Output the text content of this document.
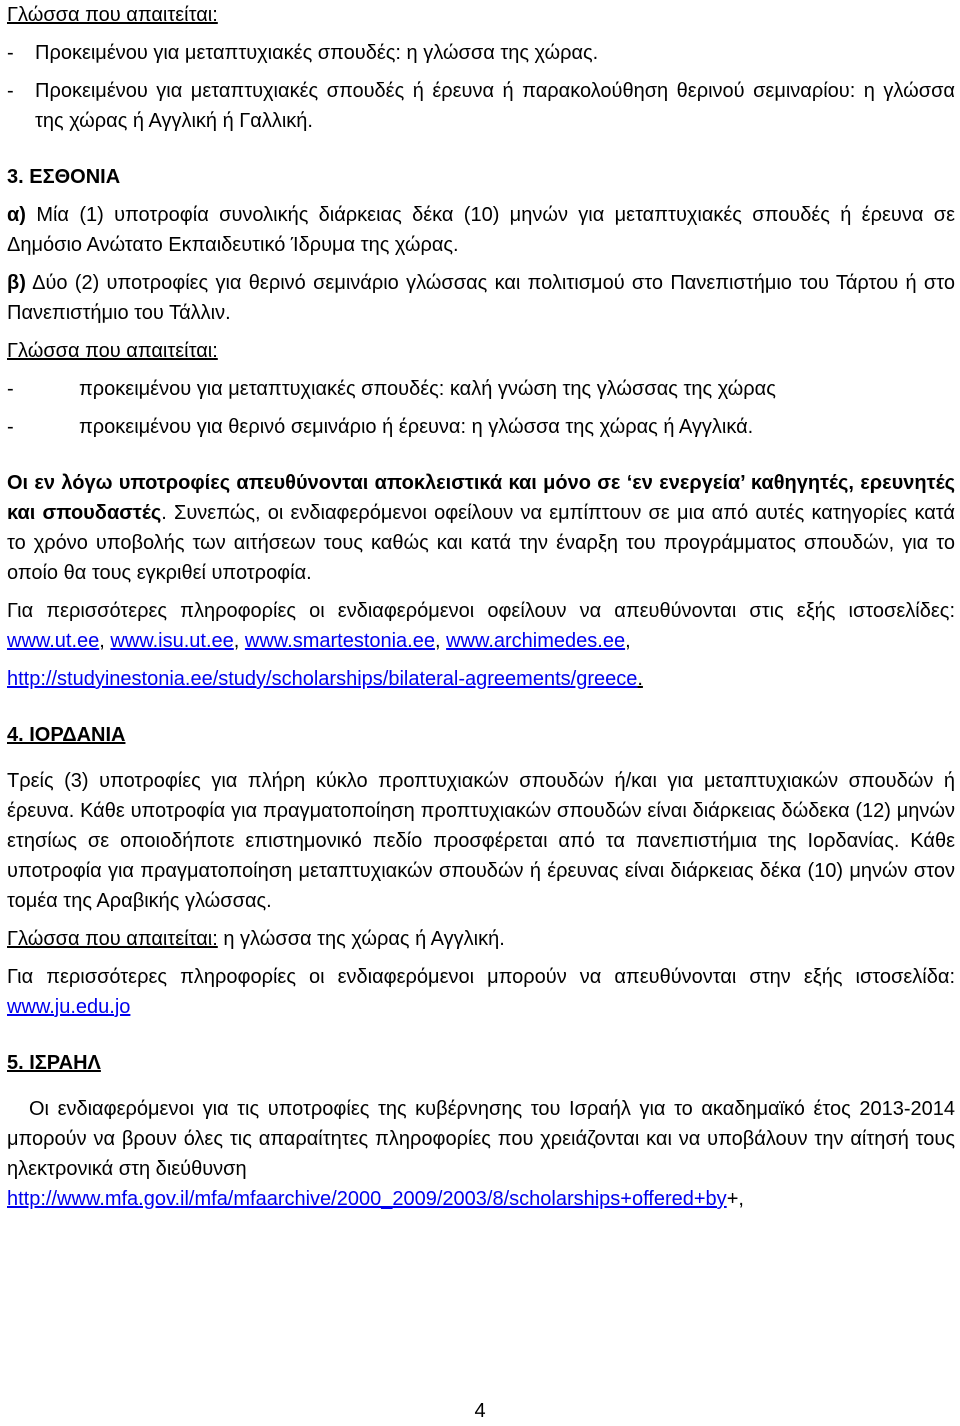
Γλώσσα που απαιτείται:

-	Προκειμένου για μεταπτυχιακές σπουδές: η γλώσσα της χώρας.
-	Προκειμένου για μεταπτυχιακές σπουδές ή έρευνα ή παρακολούθηση θερινού σεμιναρίου: η γλώσσα της χώρας ή Αγγλική ή Γαλλική.

3. ΕΣΘΟΝΙΑ

α) Μία (1) υποτροφία συνολικής διάρκειας δέκα (10) μηνών για μεταπτυχιακές σπουδές ή έρευνα σε Δημόσιο Ανώτατο Εκπαιδευτικό Ίδρυμα της χώρας.

β) Δύο (2) υποτροφίες για θερινό σεμινάριο γλώσσας και πολιτισμού στο Πανεπιστήμιο του Τάρτου ή στο Πανεπιστήμιο του Τάλλιν.

Γλώσσα που απαιτείται:

-	προκειμένου για μεταπτυχιακές σπουδές: καλή γνώση της γλώσσας της χώρας
-	προκειμένου για θερινό σεμινάριο ή έρευνα: η γλώσσα της χώρας ή Αγγλικά.

Οι εν λόγω υποτροφίες απευθύνονται αποκλειστικά και μόνο σε ‘εν ενεργεία’ καθηγητές, ερευνητές και σπουδαστές. Συνεπώς, οι ενδιαφερόμενοι οφείλουν να εμπίπτουν σε μια από αυτές κατηγορίες κατά το χρόνο υποβολής των αιτήσεων τους καθώς και κατά την έναρξη του προγράμματος σπουδών, για το οποίο θα τους εγκριθεί υποτροφία.

Για περισσότερες πληροφορίες οι ενδιαφερόμενοι οφείλουν να απευθύνονται στις εξής ιστοσελίδες: www.ut.ee, www.isu.ut.ee, www.smartestonia.ee, www.archimedes.ee,

http://studyinestonia.ee/study/scholarships/bilateral-agreements/greece.

4. ΙΟΡΔΑΝΙΑ

Τρείς (3) υποτροφίες για πλήρη κύκλο προπτυχιακών σπουδών ή/και για μεταπτυχιακών σπουδών ή έρευνα. Κάθε υποτροφία για πραγματοποίηση προπτυχιακών σπουδών είναι διάρκειας δώδεκα (12) μηνών ετησίως σε οποιοδήποτε επιστημονικό πεδίο προσφέρεται από τα πανεπιστήμια της Ιορδανίας. Κάθε υποτροφία για πραγματοποίηση μεταπτυχιακών σπουδών ή έρευνας είναι διάρκειας δέκα (10) μηνών στον τομέα της Αραβικής γλώσσας.

Γλώσσα που απαιτείται: η γλώσσα της χώρας ή Αγγλική.

Για περισσότερες πληροφορίες οι ενδιαφερόμενοι μπορούν να απευθύνονται στην εξής ιστοσελίδα: www.ju.edu.jo

5. ΙΣΡΑΗΛ

Οι ενδιαφερόμενοι για τις υποτροφίες της κυβέρνησης του Ισραήλ για το ακαδημαϊκό έτος 2013-2014 μπορούν να βρουν όλες τις απαραίτητες πληροφορίες που χρειάζονται και να υποβάλουν την αίτησή τους ηλεκτρονικά στη διεύθυνση

http://www.mfa.gov.il/mfa/mfaarchive/2000_2009/2003/8/scholarships+offered+by+,

4
